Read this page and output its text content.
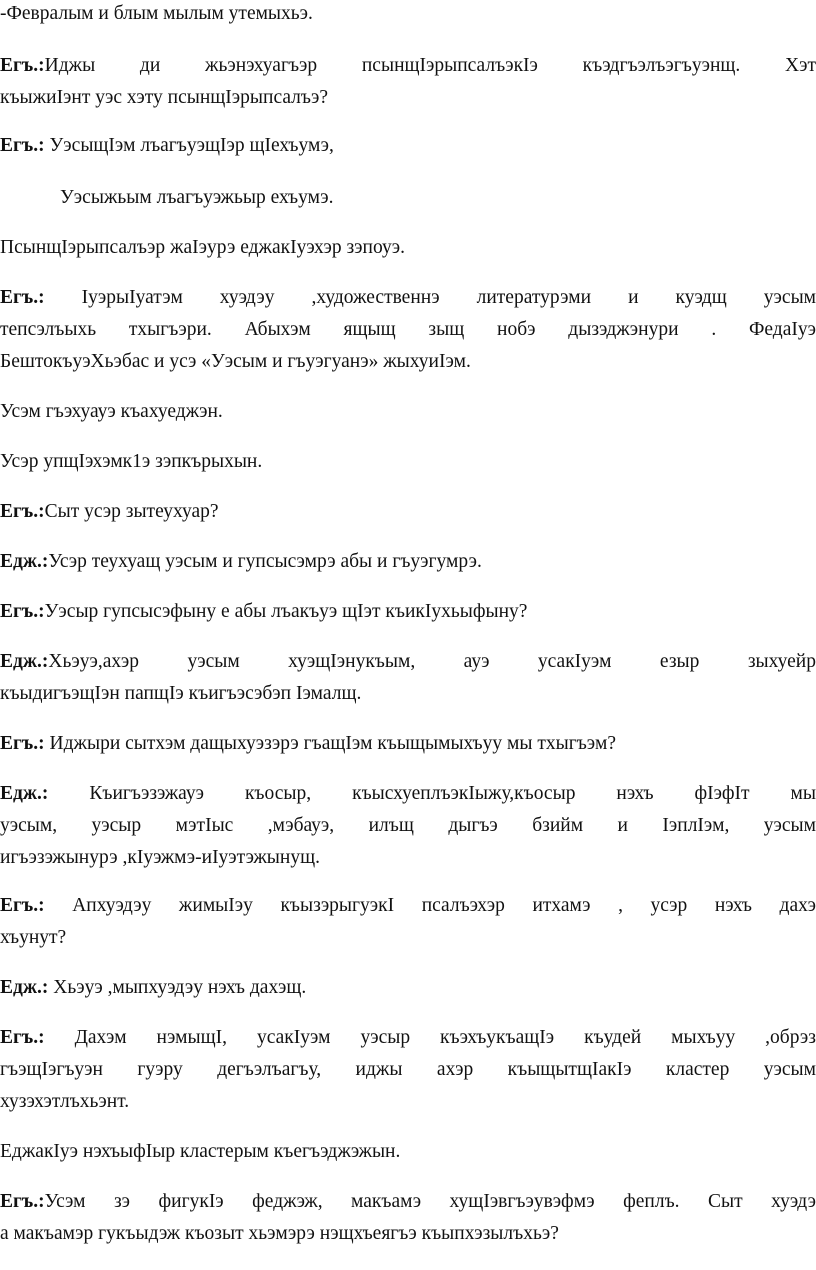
-Февралым и блым мылым утемыхьэ.
Егъ.:Иджы ди жьэнэхуагъэр псынщIэрыпсалъэкIэ къэдгъэлъэгъуэнщ. Хэт
къыжиIэнт уэс хэту псынщIэрыпсалъэ?
Егъ.: УэсыщIэм лъагъуэщIэр щIехъумэ,
Уэсыжьым лъагъуэжьыр ехъумэ.
ПсынщIэрыпсалъэр жаIэурэ еджакIуэхэр зэпоуэ.
Егъ.: IуэрыIуатэм хуэдэу ,художественнэ литературэми и куэдщ уэсым
тепсэлъыхь тхыгъэри. Абыхэм ящыщ зыщ нобэ дызэджэнури . ФедаIуэ
БештокъуэХьэбас и усэ «Уэсым и гъуэгуанэ» жыхуиIэм.
Усэм гъэхуауэ къахуеджэн.
Усэр упщIэхэмк1э зэпкърыхын.
Егъ.:Сыт усэр зытеухуар?
Едж.:Усэр теухуащ уэсым и гупсысэмрэ абы и гъуэгумрэ.
Егъ.:Уэсыр гупсысэфыну е абы лъакъуэ щIэт къикIухьыфыну?
Едж.:Хьэуэ,ахэр уэсым хуэщIэнукъым, ауэ усакIуэм езыр зыхуейр
къыдигъэщIэн папщIэ къигъэсэбэп Iэмалщ.
Егъ.: Иджыри сытхэм дащыхуэзэрэ гъащIэм къыщымыхъуу мы тхыгъэм?
Едж.: Къигъэзэжауэ къосыр, къысхуеплъэкIыжу,къосыр нэхъ фIэфIт мы
уэсым, уэсыр мэтIыс ,мэбауэ, илъщ дыгъэ бзийм и IэплIэм, уэсым
игъэзэжынурэ ,кIуэжмэ-иIуэтэжынущ.
Егъ.: Апхуэдэу жимыIэу къызэрыгуэкI псалъэхэр итхамэ , усэр нэхъ дахэ
хъунут?
Едж.: Хьэуэ ,мыпхуэдэу нэхъ дахэщ.
Егъ.: Дахэм нэмыщI, усакIуэм уэсыр къэхъукъащIэ къудей мыхъуу ,обрэз
гъэщIэгъуэн гуэру дегъэлъагъу, иджы ахэр къыщытщIакIэ кластер уэсым
хузэхэтлъхьэнт.
ЕджакIуэ нэхъыфIыр кластерым къегъэджэжын.
Егъ.:Усэм зэ фигукIэ феджэж, макъамэ хущIэвгъэувэфмэ феплъ. Сыт хуэдэ
а макъамэр гукъыдэж къозыт хьэмэрэ нэщхъеягъэ къыпхэзылъхьэ?
